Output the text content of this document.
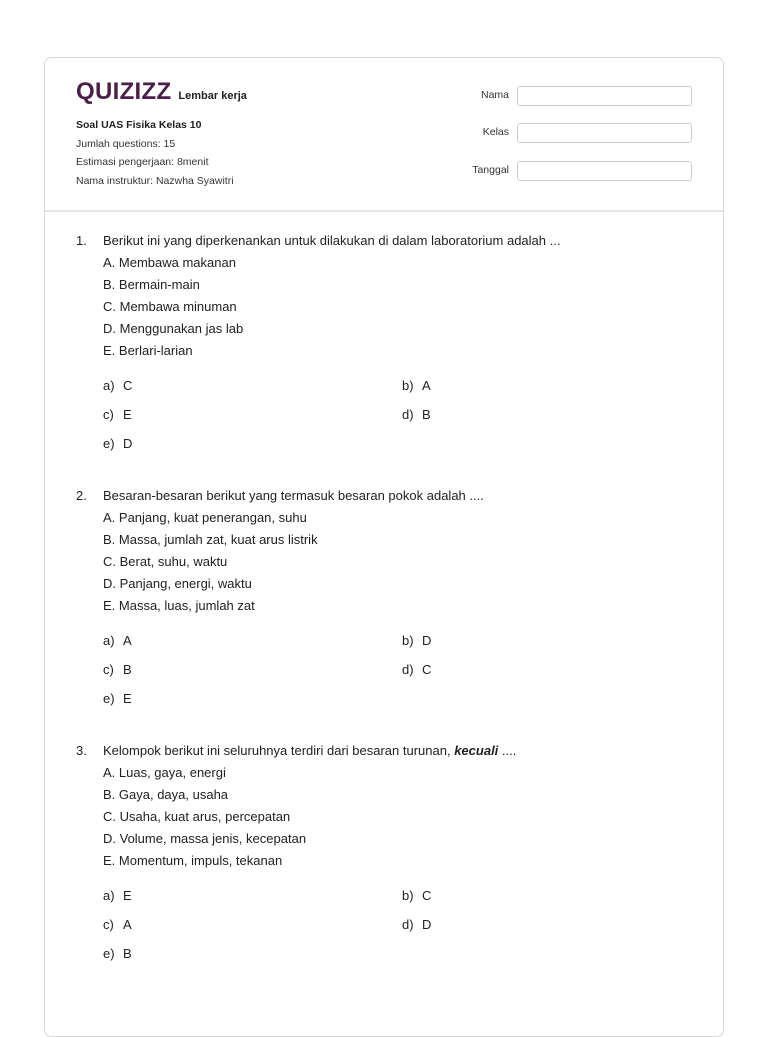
QUIZIZZ Lembar kerja
Soal UAS Fisika Kelas 10
Jumlah questions: 15
Estimasi pengerjaan: 8menit
Nama instruktur: Nazwha Syawitri
Nama
Kelas
Tanggal
1.	Berikut ini yang diperkenankan untuk dilakukan di dalam laboratorium adalah ...
A. Membawa makanan
B. Bermain-main
C. Membawa minuman
D. Menggunakan jas lab
E. Berlari-larian
a) C	b) A
c) E	d) B
e) D
2.	Besaran-besaran berikut yang termasuk besaran pokok adalah ....
A. Panjang, kuat penerangan, suhu
B. Massa, jumlah zat, kuat arus listrik
C. Berat, suhu, waktu
D. Panjang, energi, waktu
E. Massa, luas, jumlah zat
a) A	b) D
c) B	d) C
e) E
3.	Kelompok berikut ini seluruhnya terdiri dari besaran turunan, kecuali ....
A. Luas, gaya, energi
B. Gaya, daya, usaha
C. Usaha, kuat arus, percepatan
D. Volume, massa jenis, kecepatan
E. Momentum, impuls, tekanan
a) E	b) C
c) A	d) D
e) B
